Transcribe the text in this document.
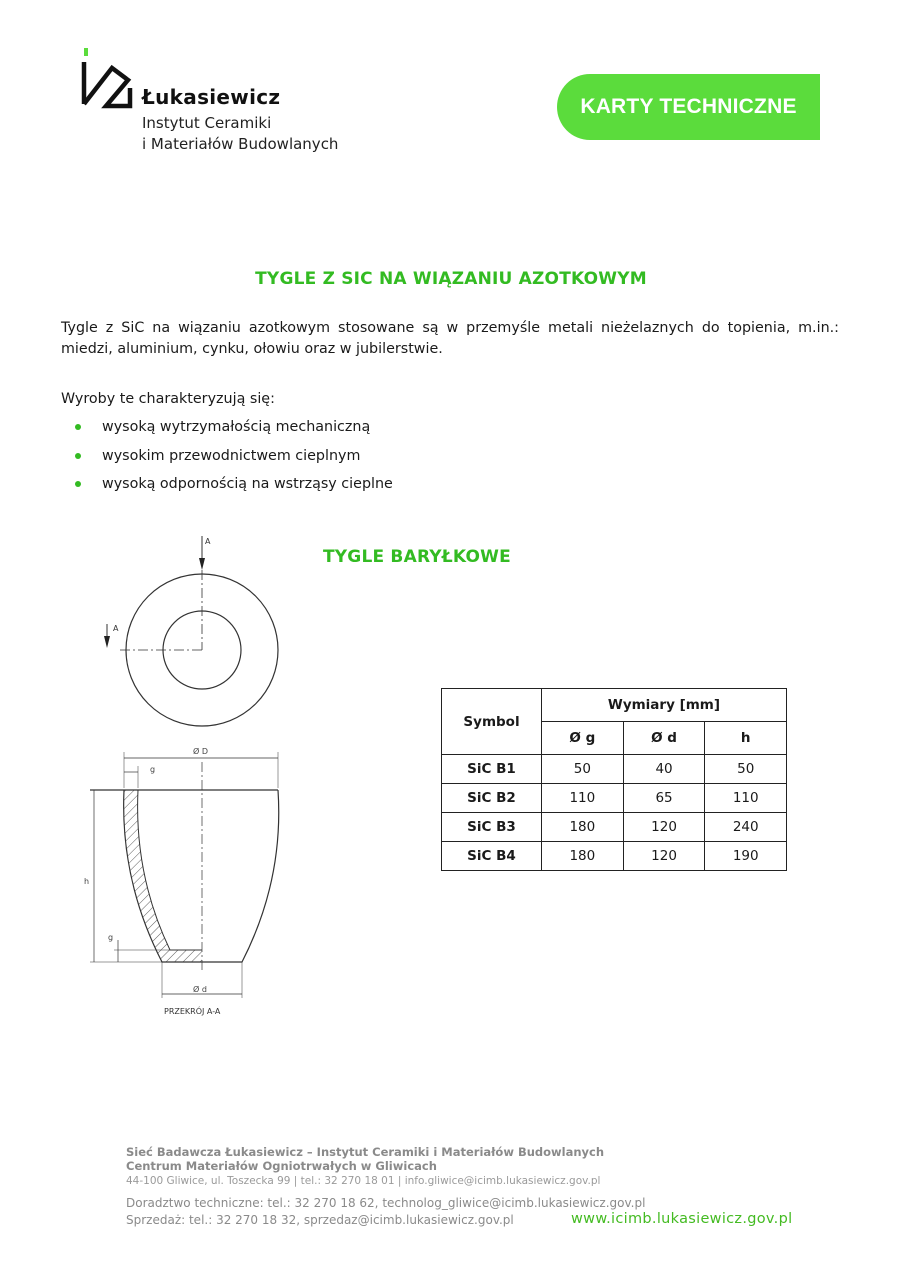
Łukasiewicz
Instytut Ceramiki
i Materiałów Budowlanych
KARTY TECHNICZNE
TYGLE Z SIC NA WIĄZANIU AZOTKOWYM

Tygle z SiC na wiązaniu azotkowym stosowane są w przemyśle metali nieżelaznych do topienia, m.in.: miedzi, aluminium, cynku, ołowiu oraz w jubilerstwie.

Wyroby te charakteryzują się:

wysoką wytrzymałością mechaniczną
wysokim przewodnictwem cieplnym
wysoką odpornością na wstrząsy cieplne
TYGLE BARYŁKOWE
A
A
Ø D
g
h
g
Ø d
PRZEKRÓJ A-A
Symbol	Wymiary [mm]		
	Ø g	Ø d	h
SiC B1	50	40	50
SiC B2	110	65	110
SiC B3	180	120	240
SiC B4	180	120	190
Sieć Badawcza Łukasiewicz – Instytut Ceramiki i Materiałów Budowlanych
Centrum Materiałów Ogniotrwałych w Gliwicach
44-100 Gliwice, ul. Toszecka 99 | tel.: 32 270 18 01 | info.gliwice@icimb.lukasiewicz.gov.pl
Doradztwo techniczne: tel.: 32 270 18 62, technolog_gliwice@icimb.lukasiewicz.gov.pl
Sprzedaż: tel.: 32 270 18 32, sprzedaz@icimb.lukasiewicz.gov.pl	www.icimb.lukasiewicz.gov.pl
